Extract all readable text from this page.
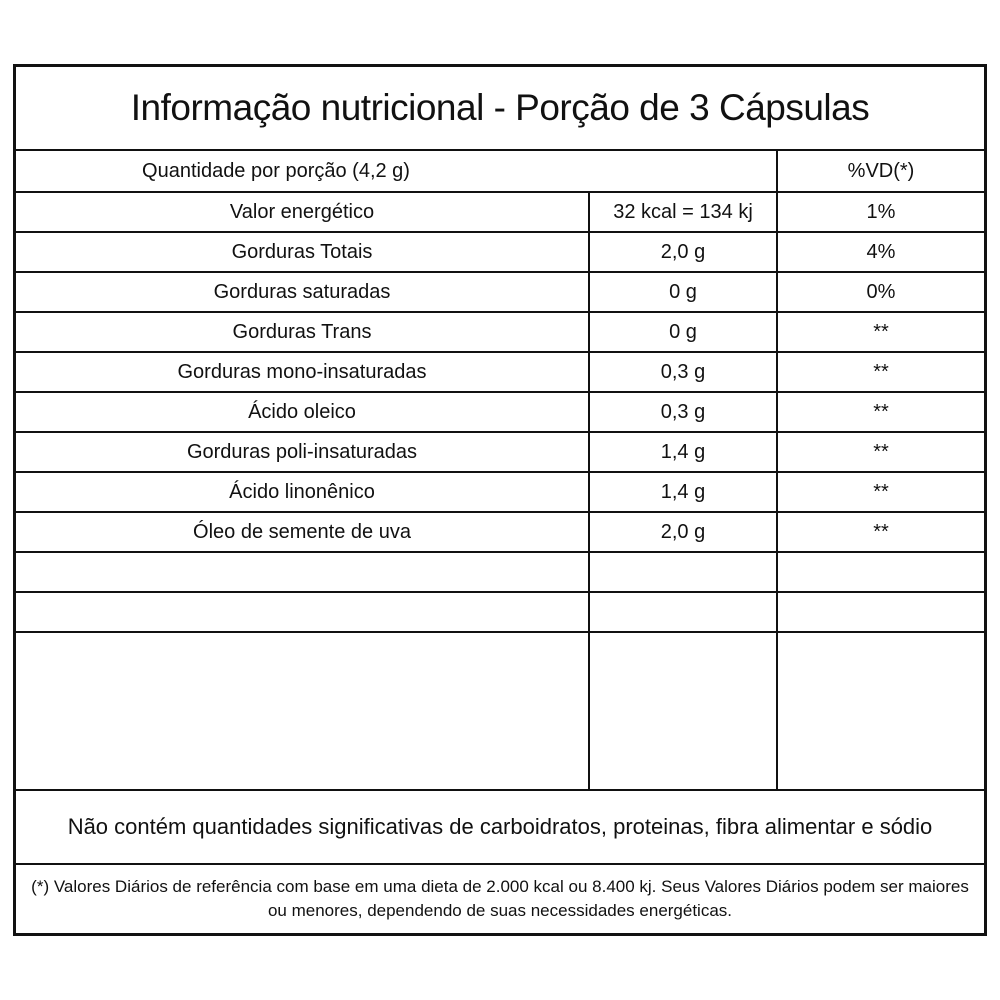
Informação nutricional - Porção de 3 Cápsulas
Quantidade por porção (4,2 g)	%VD(*)
Valor energético	32 kcal = 134 kj	1%
Gorduras Totais	2,0 g	4%
Gorduras saturadas	0 g	0%
Gorduras Trans	0 g	**
Gorduras mono-insaturadas	0,3 g	**
Ácido oleico	0,3 g	**
Gorduras poli-insaturadas	1,4 g	**
Ácido linonênico	1,4 g	**
Óleo de semente de uva	2,0 g	**
Não contém quantidades significativas de carboidratos, proteinas, fibra alimentar e sódio
(*) Valores Diários de referência com base em uma dieta de 2.000 kcal ou 8.400 kj. Seus Valores Diários podem ser maiores ou menores, dependendo de suas necessidades energéticas.
